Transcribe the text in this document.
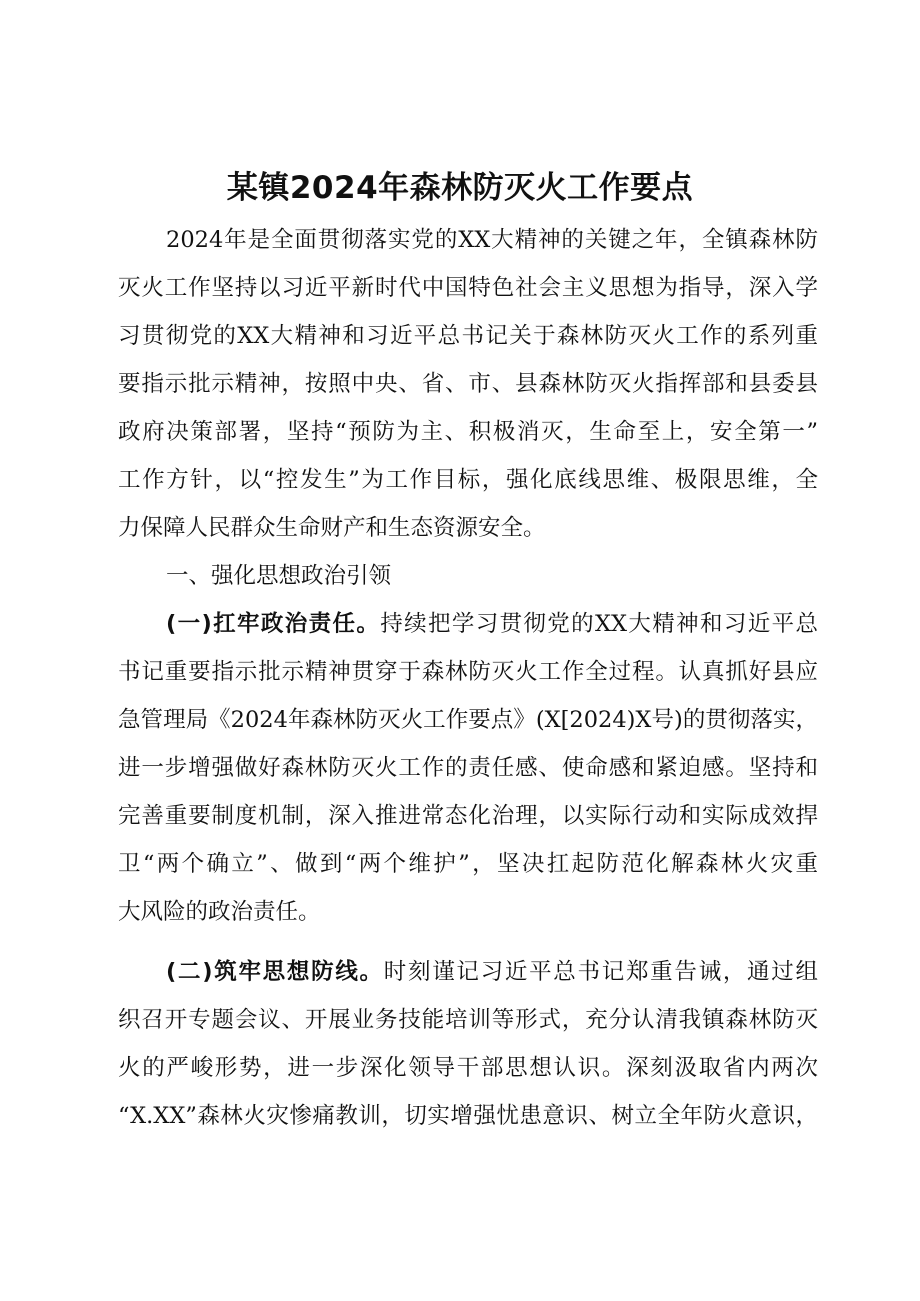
某镇2024年森林防灭火工作要点
2024年是全面贯彻落实党的XX大精神的关键之年，全镇森林防
灭火工作坚持以习近平新时代中国特色社会主义思想为指导，深入学
习贯彻党的XX大精神和习近平总书记关于森林防灭火工作的系列重
要指示批示精神，按照中央、省、市、县森林防灭火指挥部和县委县
政府决策部署，坚持“预防为主、积极消灭，生命至上，安全第一”
工作方针，以“控发生”为工作目标，强化底线思维、极限思维，全
力保障人民群众生命财产和生态资源安全。
一、强化思想政治引领
(一)扛牢政治责任。持续把学习贯彻党的XX大精神和习近平总
书记重要指示批示精神贯穿于森林防灭火工作全过程。认真抓好县应
急管理局《2024年森林防灭火工作要点》(X[2024)X号)的贯彻落实，
进一步增强做好森林防灭火工作的责任感、使命感和紧迫感。坚持和
完善重要制度机制，深入推进常态化治理，以实际行动和实际成效捍
卫“两个确立”、做到“两个维护”，坚决扛起防范化解森林火灾重
大风险的政治责任。
(二)筑牢思想防线。时刻谨记习近平总书记郑重告诫，通过组
织召开专题会议、开展业务技能培训等形式，充分认清我镇森林防灭
火的严峻形势，进一步深化领导干部思想认识。深刻汲取省内两次
“X.XX”森林火灾惨痛教训，切实增强忧患意识、树立全年防火意识，
